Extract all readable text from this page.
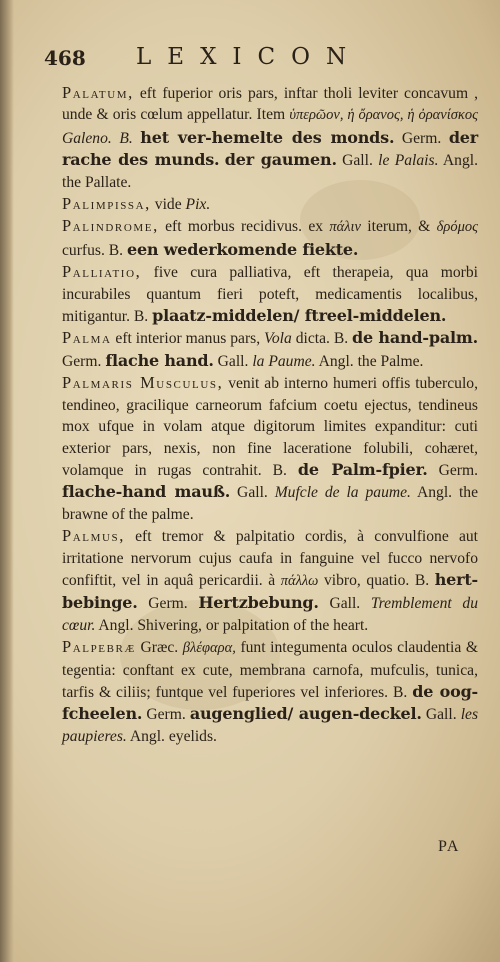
468 LEXICON

Palatum, eft fuperior oris pars, inftar tholi leviter concavum , unde & oris cœlum appellatur. Item ὑπερῶον, ἡ ὄρανος, ἡ ὀρανίσκος Galeno. B. het ver-hemelte des monds. Germ. der rache des munds. der gaumen. Gall. le Palais. Angl. the Pallate.

Palimpissa, vide Pix.

Palindrome, eft morbus recidivus. ex πάλιν iterum, & δρόμος curfus. B. een wederkomende fiekte.

Palliatio, five cura palliativa, eft therapeia, qua morbi incurabiles quantum fieri poteft, medicamentis localibus, mitigantur. B. plaatz-middelen/ ftreel-middelen.

Palma eft interior manus pars, Vola dicta. B. de hand-palm. Germ. flache hand. Gall. la Paume. Angl. the Palme.

Palmaris Musculus, venit ab interno humeri offis tuberculo, tendineo, gracilique carneorum fafcium coetu ejectus, tendineus mox ufque in volam atque digitorum limites expanditur: cuti exterior pars, nexis, non fine laceratione folubili, cohæret, volamque in rugas contrahit. B. de Palm-fpier. Germ. flache-hand mauß. Gall. Mufcle de la paume. Angl. the brawne of the palme.

Palmus, eft tremor & palpitatio cordis, à convulfione aut irritatione nervorum cujus caufa in fanguine vel fucco nervofo confiftit, vel in aquâ pericardii. à πάλλω vibro, quatio. B. hert-bebinge. Germ. Hertzbebung. Gall. Tremblement du cœur. Angl. Shivering, or palpitation of the heart.

Palpebræ Græc. βλέφαρα, funt integumenta oculos claudentia & tegentia: conftant ex cute, membrana carnofa, mufculis, tunica, tarfis & ciliis; funtque vel fuperiores vel inferiores. B. de oog-fcheelen. Germ. augenglied/ augen-deckel. Gall. les paupieres. Angl. eyelids.

PA
